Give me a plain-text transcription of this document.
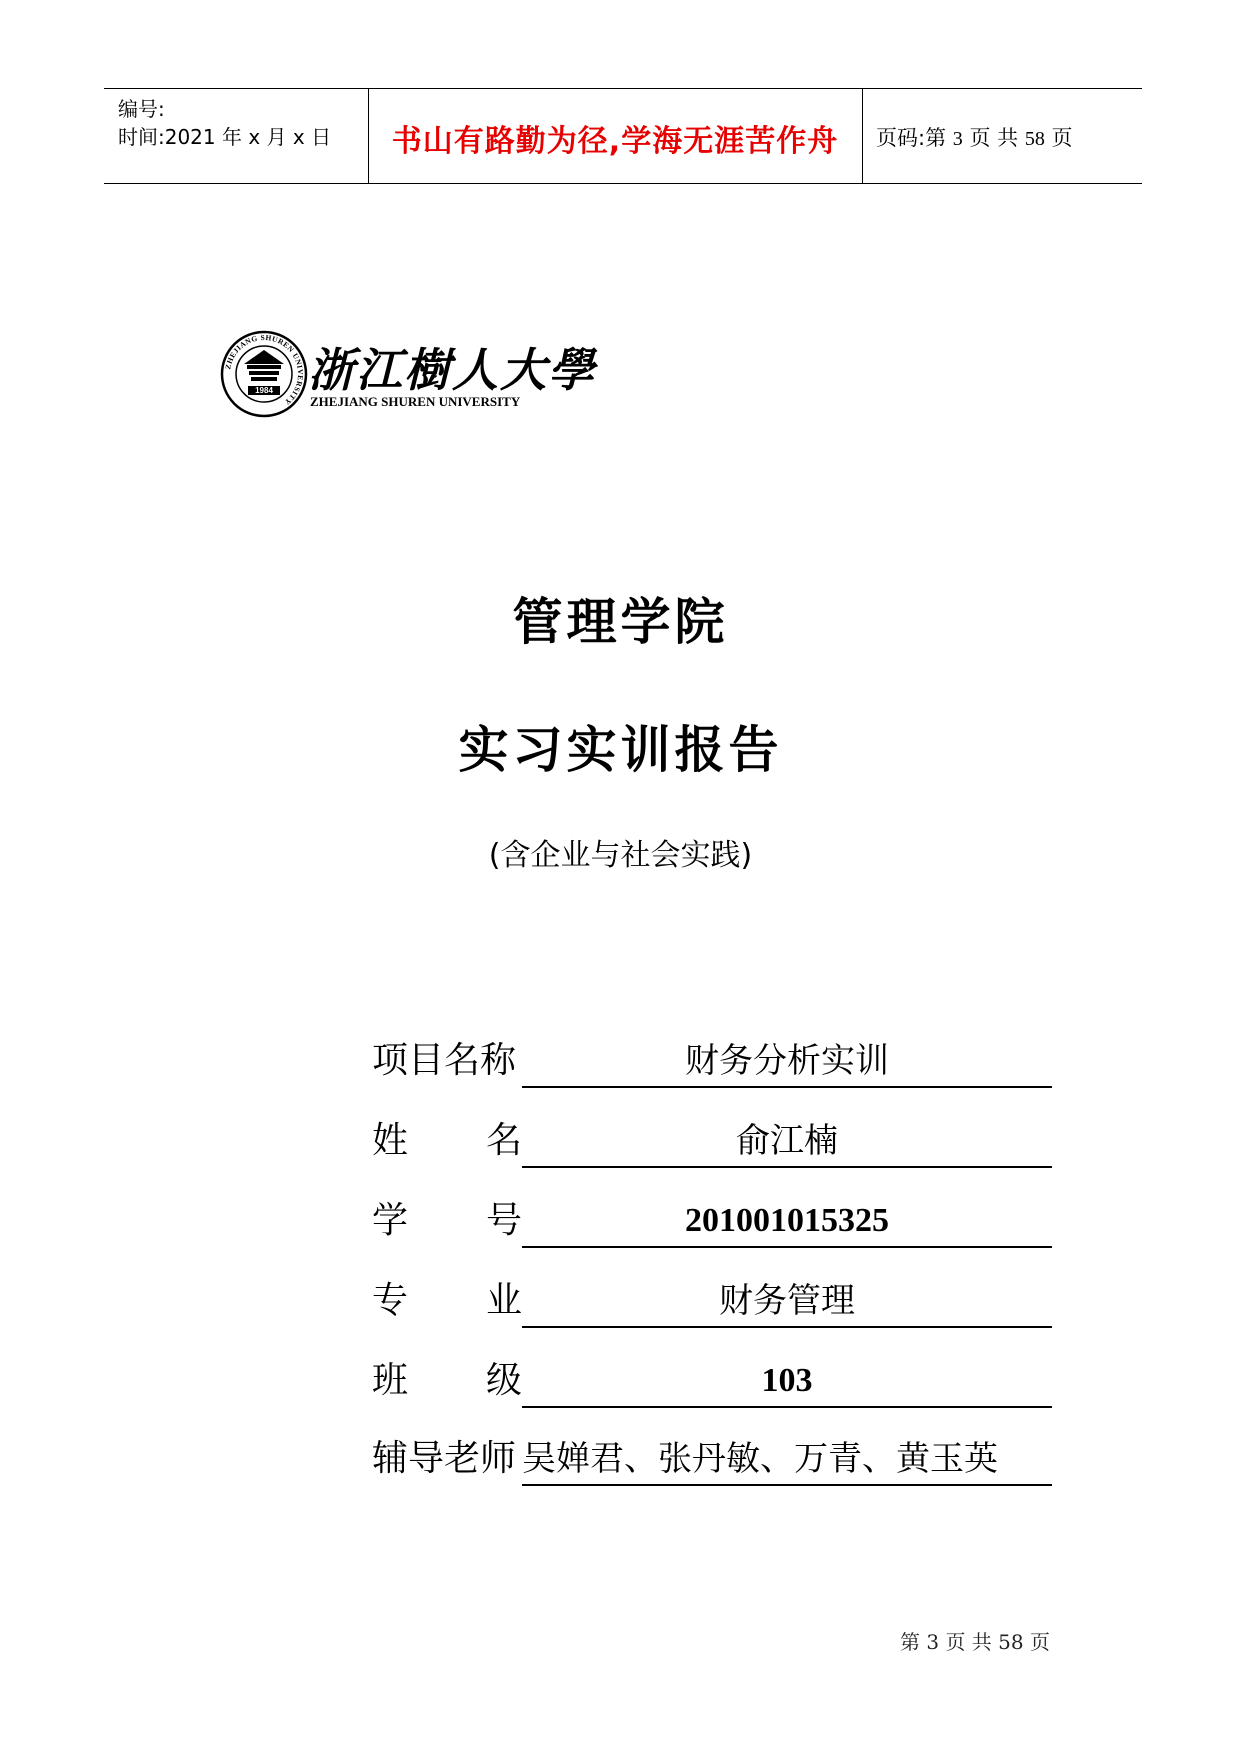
编号:
时间:2021 年 x 月 x 日	书山有路勤为径,学海无涯苦作舟	页码:第 3 页 共 58 页
ZHEJIANG SHUREN UNIVERSITY
1984 浙江樹人大學
ZHEJIANG SHUREN UNIVERSITY
管理学院
实习实训报告
(含企业与社会实践)
项目名称	财务分析实训
姓 名	俞江楠
学 号	201001015325
专 业	财务管理
班 级	103
辅导老师 吴婵君、张丹敏、万青、黄玉英
第 3 页 共 58 页
